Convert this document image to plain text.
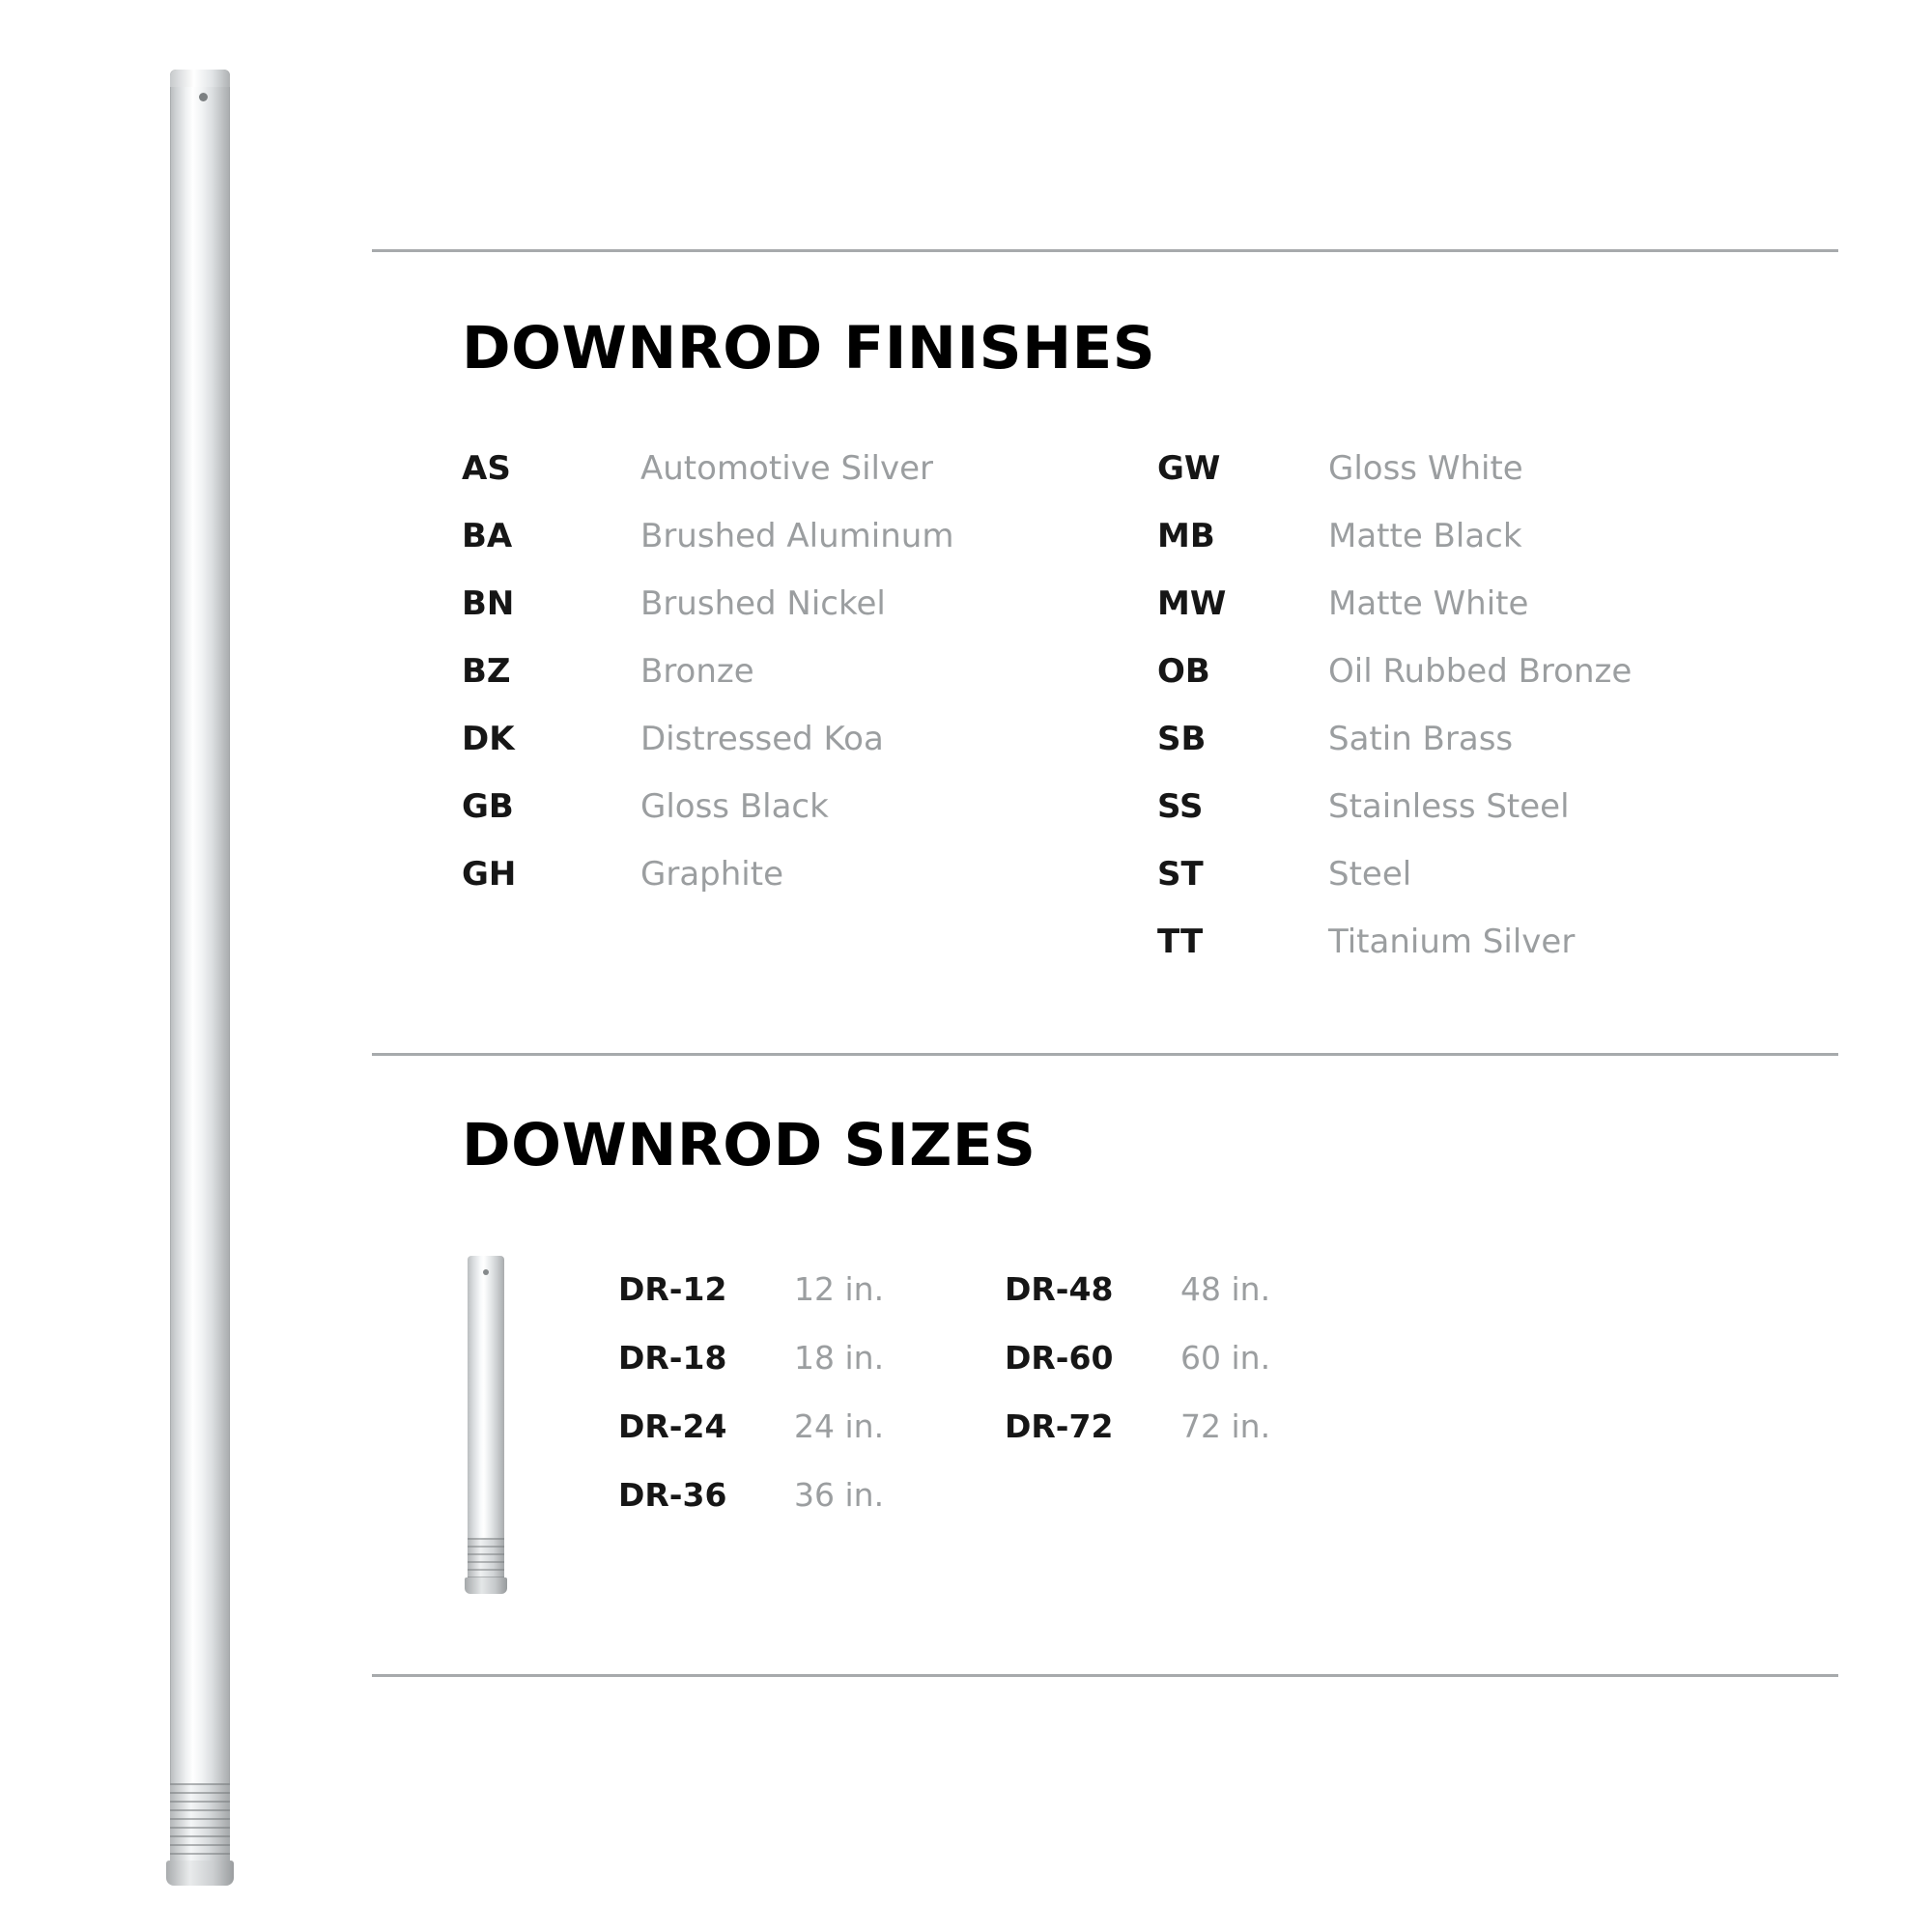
DOWNROD FINISHES
AS	Automotive Silver
BA	Brushed Aluminum
BN	Brushed Nickel
BZ	Bronze
DK	Distressed Koa
GB	Gloss Black
GH	Graphite
GW	Gloss White
MB	Matte Black
MW	Matte White
OB	Oil Rubbed Bronze
SB	Satin Brass
SS	Stainless Steel
ST	Steel
TT	Titanium Silver
DOWNROD SIZES
DR-12	12 in.
DR-18	18 in.
DR-24	24 in.
DR-36	36 in.
DR-48	48 in.
DR-60	60 in.
DR-72	72 in.
